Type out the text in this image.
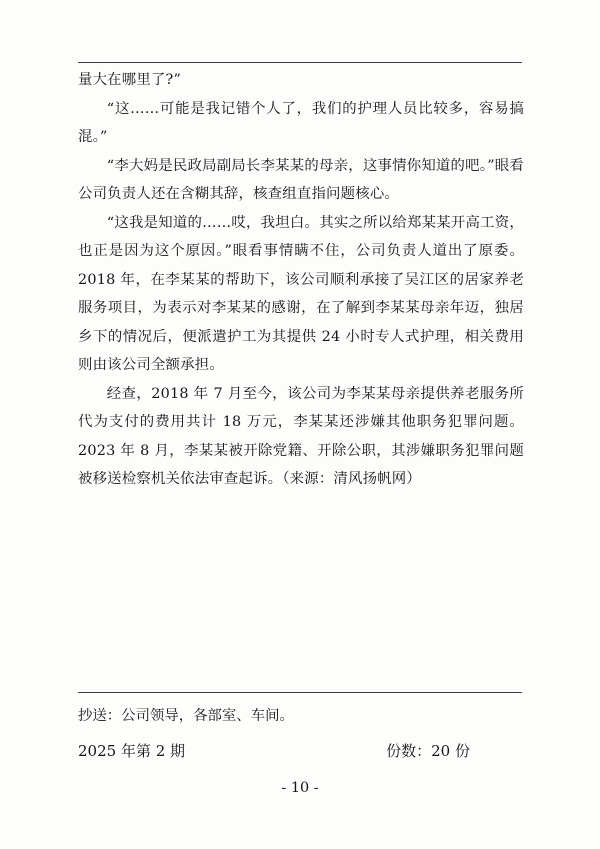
量大在哪里了?”

“这……可能是我记错个人了，我们的护理人员比较多，容易搞混。”

“李大妈是民政局副局长李某某的母亲，这事情你知道的吧。”眼看公司负责人还在含糊其辞，核查组直指问题核心。

“这我是知道的……哎，我坦白。其实之所以给郑某某开高工资，也正是因为这个原因。”眼看事情瞒不住，公司负责人道出了原委。2018 年，在李某某的帮助下，该公司顺利承接了吴江区的居家养老服务项目，为表示对李某某的感谢，在了解到李某某母亲年迈，独居乡下的情况后，便派遣护工为其提供 24 小时专人式护理，相关费用则由该公司全额承担。

经查，2018 年 7 月至今，该公司为李某某母亲提供养老服务所代为支付的费用共计 18 万元，李某某还涉嫌其他职务犯罪问题。2023 年 8 月，李某某被开除党籍、开除公职，其涉嫌职务犯罪问题被移送检察机关依法审查起诉。（来源：清风扬帆网）

抄送：公司领导，各部室、车间。
2025 年第 2 期	份数：20 份
- 10 -
